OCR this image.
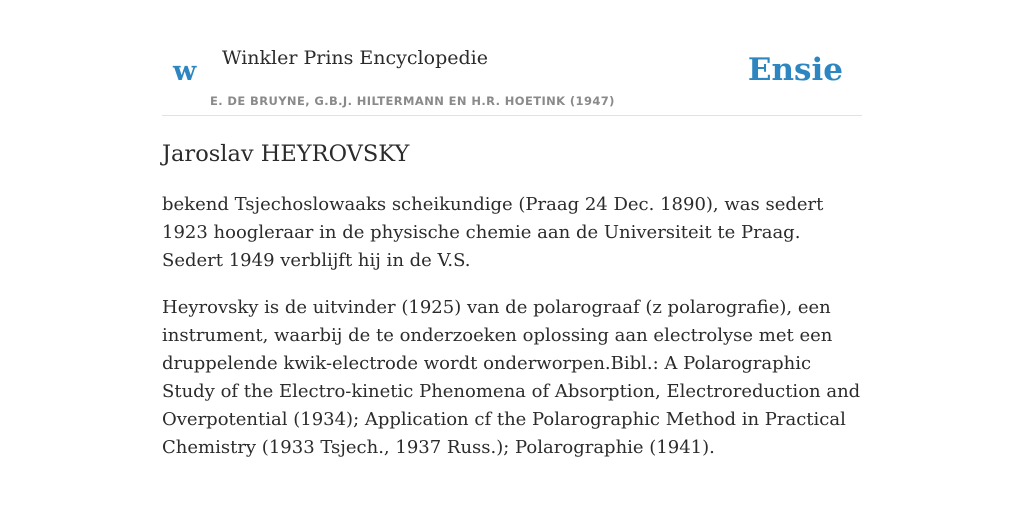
w Winkler Prins Encyclopedie
E. DE BRUYNE, G.B.J. HILTERMANN EN H.R. HOETINK (1947)
Ensie
Jaroslav HEYROVSKY

bekend Tsjechoslowaaks scheikundige (Praag 24 Dec. 1890), was sedert 1923 hoogleraar in de physische chemie aan de Universiteit te Praag. Sedert 1949 verblijft hij in de V.S.

Heyrovsky is de uitvinder (1925) van de polarograaf (z polarografie), een instrument, waarbij de te onderzoeken oplossing aan electrolyse met een druppelende kwik-electrode wordt onderworpen.Bibl.: A Polarographic Study of the Electro-kinetic Phenomena of Absorption, Electroreduction and Overpotential (1934); Application cf the Polarographic Method in Practical Chemistry (1933 Tsjech., 1937 Russ.); Polarographie (1941).
